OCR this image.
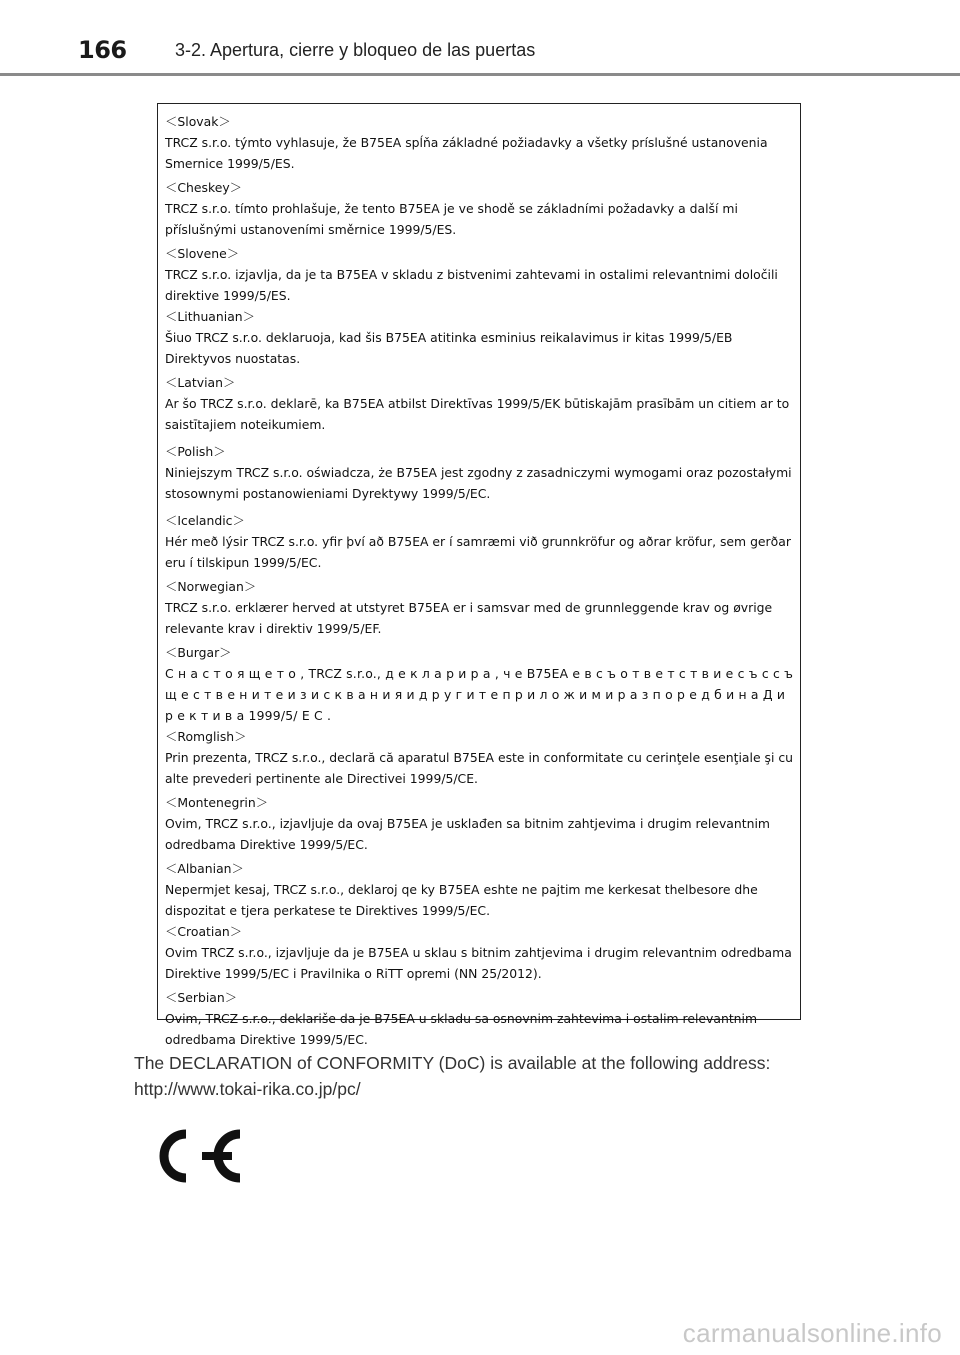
166	3-2. Apertura, cierre y bloqueo de las puertas
＜Slovak＞
TRCZ s.r.o. týmto vyhlasuje, že B75EA spĺňa základné požiadavky a všetky príslušné ustanovenia Smernice 1999/5/ES.
＜Cheskey＞
TRCZ s.r.o. tímto prohlašuje, že tento B75EA je ve shodě se základními požadavky a další mi příslušnými ustanoveními směrnice 1999/5/ES.
＜Slovene＞
TRCZ s.r.o. izjavlja, da je ta B75EA v skladu z bistvenimi zahtevami in ostalimi relevantnimi določili direktive 1999/5/ES.
＜Lithuanian＞
Šiuo TRCZ s.r.o. deklaruoja, kad šis B75EA atitinka esminius reikalavimus ir kitas 1999/5/EB Direktyvos nuostatas.
＜Latvian＞
Ar šo TRCZ s.r.o. deklarē, ka B75EA atbilst Direktīvas 1999/5/EK būtiskajām prasībām un citiem ar to saistītajiem noteikumiem.
＜Polish＞
Niniejszym TRCZ s.r.o. oświadcza, że B75EA jest zgodny z zasadniczymi wymogami oraz pozostałymi stosownymi postanowieniami Dyrektywy 1999/5/EC.
＜Icelandic＞
Hér með lýsir TRCZ s.r.o. yfir því að B75EA er í samræmi við grunnkröfur og aðrar kröfur, sem gerðar eru í tilskipun 1999/5/EC.
＜Norwegian＞
TRCZ s.r.o. erklærer herved at utstyret B75EA er i samsvar med de grunnleggende krav og øvrige relevante krav i direktiv 1999/5/EF.
＜Burgar＞
С н а с т о я щ е т о , TRCZ s.r.o., д е к л а р и р а , ч е B75EA е в с ъ о т в е т с т в и е с ъ с с ъ щ е с т в е н и т е и з и с к в а н и я и д р у г и т е п р и л о ж и м и р а з п о р е д б и н а Д и р е к т и в а 1999/5/ Е С .
＜Romglish＞
Prin prezenta, TRCZ s.r.o., declară că aparatul B75EA este in conformitate cu cerinţele esenţiale şi cu alte prevederi pertinente ale Directivei 1999/5/CE.
＜Montenegrin＞
Ovim, TRCZ s.r.o., izjavljuje da ovaj B75EA je usklađen sa bitnim zahtjevima i drugim relevantnim odredbama Direktive 1999/5/EC.
＜Albanian＞
Nepermjet kesaj, TRCZ s.r.o., deklaroj qe ky B75EA eshte ne pajtim me kerkesat thelbesore dhe dispozitat e tjera perkatese te Direktives 1999/5/EC.
＜Croatian＞
Ovim TRCZ s.r.o., izjavljuje da je B75EA u sklau s bitnim zahtjevima i drugim relevantnim odredbama Direktive 1999/5/EC i Pravilnika o RiTT opremi (NN 25/2012).
＜Serbian＞
Ovim, TRCZ s.r.o., deklariše da je B75EA u skladu sa osnovnim zahtevima i ostalim relevantnim odredbama Direktive 1999/5/EC.
The DECLARATION of CONFORMITY (DoC) is available at the following address:
http://www.tokai-rika.co.jp/pc/
carmanualsonline.info
